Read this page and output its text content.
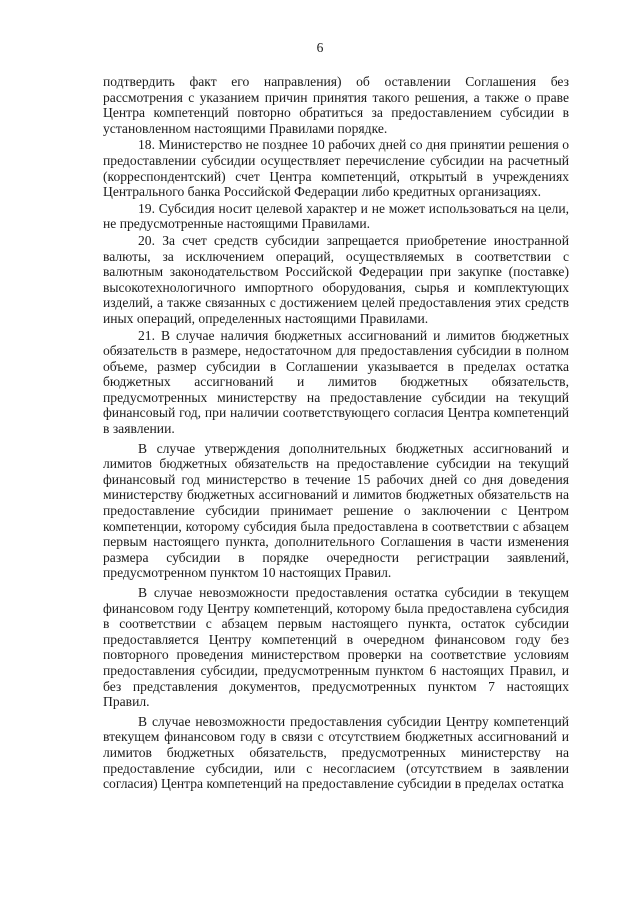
6

подтвердить факт его направления) об оставлении Соглашения без рассмотрения с указанием причин принятия такого решения, а также о праве Центра компетенций повторно обратиться за предоставлением субсидии в установленном настоящими Правилами порядке.

18. Министерство не позднее 10 рабочих дней со дня принятии решения о предоставлении субсидии осуществляет перечисление субсидии на расчетный (корреспондентский) счет Центра компетенций, открытый в учреждениях Центрального банка Российской Федерации либо кредитных организациях.

19. Субсидия носит целевой характер и не может использоваться на цели, не предусмотренные настоящими Правилами.

20. За счет средств субсидии запрещается приобретение иностранной валюты, за исключением операций, осуществляемых в соответствии с валютным законодательством Российской Федерации при закупке (поставке) высокотехнологичного импортного оборудования, сырья и комплектующих изделий, а также связанных с достижением целей предоставления этих средств иных операций, определенных настоящими Правилами.

21. В случае наличия бюджетных ассигнований и лимитов бюджетных обязательств в размере, недостаточном для предоставления субсидии в полном объеме, размер субсидии в Соглашении указывается в пределах остатка бюджетных ассигнований и лимитов бюджетных обязательств, предусмотренных министерству на предоставление субсидии на текущий финансовый год, при наличии соответствующего согласия Центра компетенций в заявлении.

В случае утверждения дополнительных бюджетных ассигнований и лимитов бюджетных обязательств на предоставление субсидии на текущий финансовый год министерство в течение 15 рабочих дней со дня доведения министерству бюджетных ассигнований и лимитов бюджетных обязательств на предоставление субсидии принимает решение о заключении с Центром компетенции, которому субсидия была предоставлена в соответствии с абзацем первым настоящего пункта, дополнительного Соглашения в части изменения размера субсидии в порядке очередности регистрации заявлений, предусмотренном пунктом 10 настоящих Правил.

В случае невозможности предоставления остатка субсидии в текущем финансовом году Центру компетенций, которому была предоставлена субсидия в соответствии с абзацем первым настоящего пункта, остаток субсидии предоставляется Центру компетенций в очередном финансовом году без повторного проведения министерством проверки на соответствие условиям предоставления субсидии, предусмотренным пунктом 6 настоящих Правил, и без представления документов, предусмотренных пунктом 7 настоящих Правил.

В случае невозможности предоставления субсидии Центру компетенций втекущем финансовом году в связи с отсутствием бюджетных ассигнований и лимитов бюджетных обязательств, предусмотренных министерству на предоставление субсидии, или с несогласием (отсутствием в заявлении согласия) Центра компетенций на предоставление субсидии в пределах остатка
